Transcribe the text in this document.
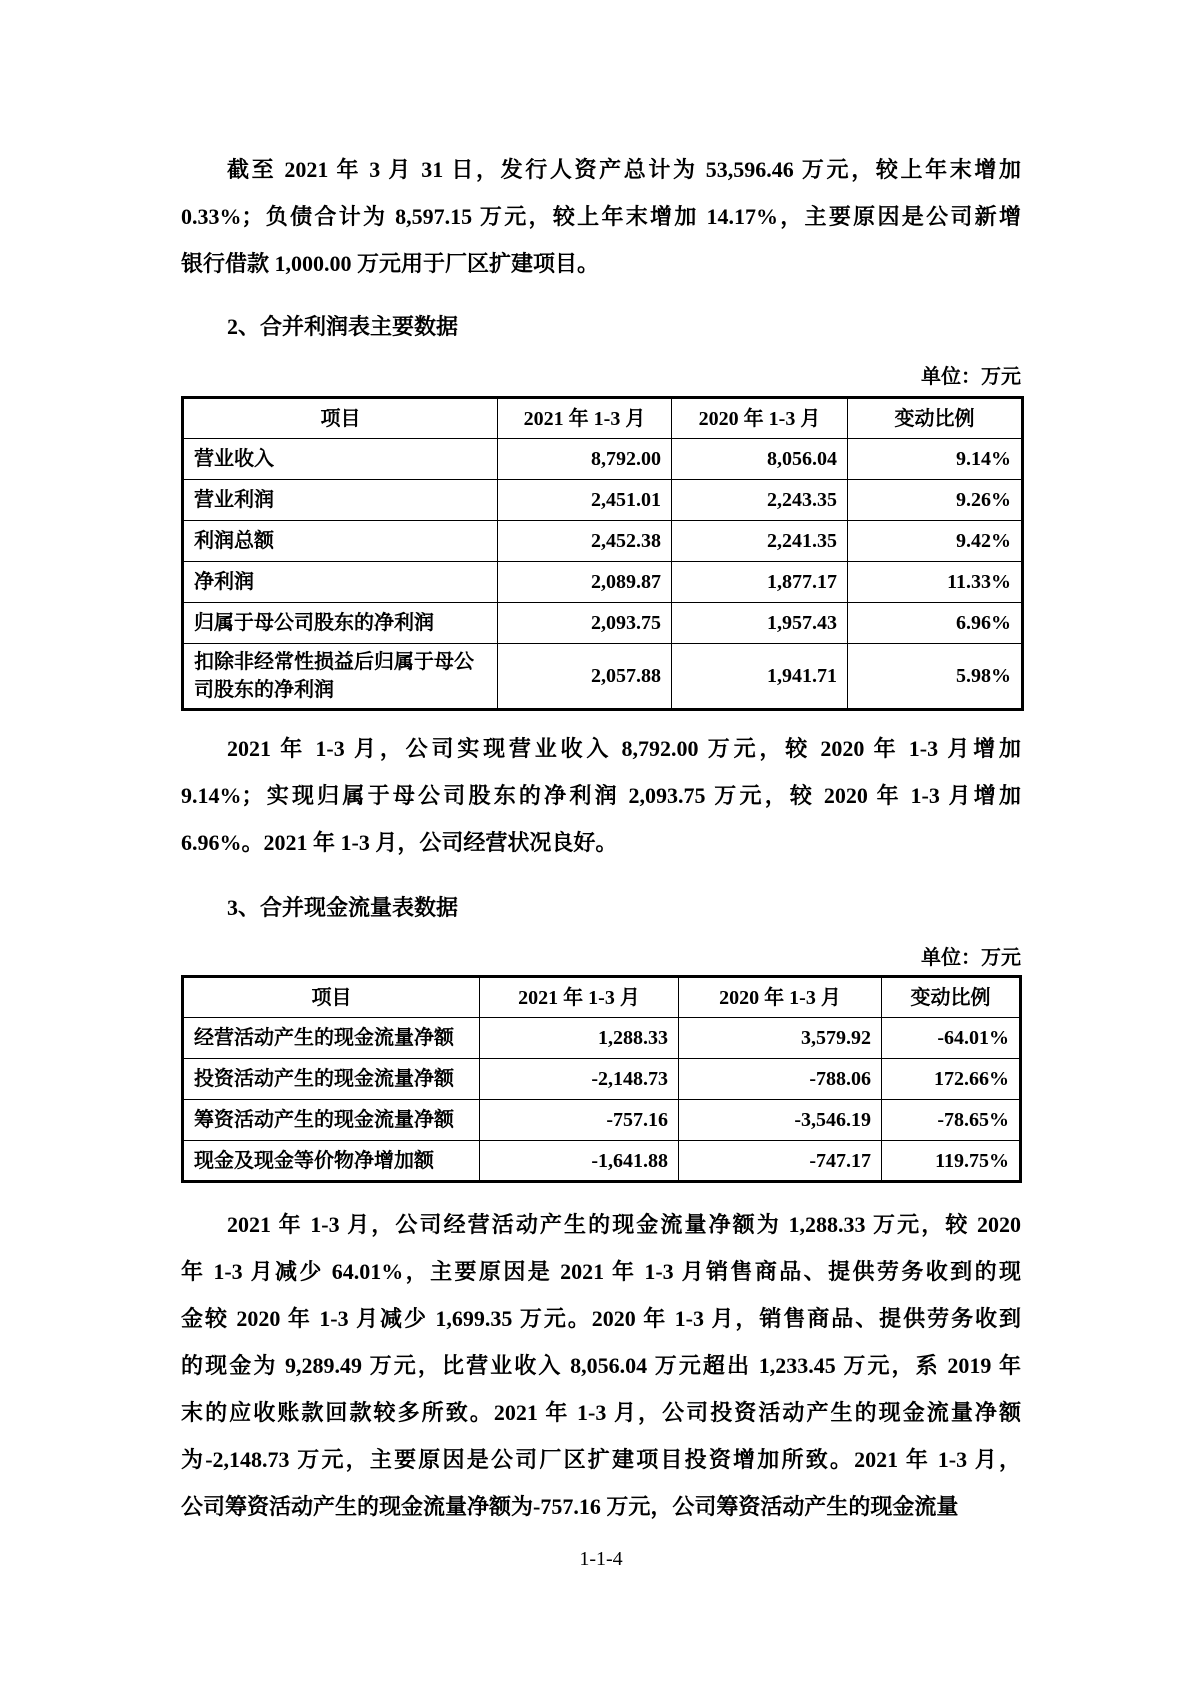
截至 2021 年 3 月 31 日，发行人资产总计为 53,596.46 万元，较上年末增加
0.33%；负债合计为 8,597.15 万元，较上年末增加 14.17%，主要原因是公司新增
银行借款 1,000.00 万元用于厂区扩建项目。
2、合并利润表主要数据
单位：万元
项目	2021 年 1-3 月	2020 年 1-3 月	变动比例
营业收入	8,792.00	8,056.04	9.14%
营业利润	2,451.01	2,243.35	9.26%
利润总额	2,452.38	2,241.35	9.42%
净利润	2,089.87	1,877.17	11.33%
归属于母公司股东的净利润	2,093.75	1,957.43	6.96%
扣除非经常性损益后归属于母公司股东的净利润	2,057.88	1,941.71	5.98%
2021 年 1-3 月，公司实现营业收入 8,792.00 万元，较 2020 年 1-3 月增加
9.14%；实现归属于母公司股东的净利润 2,093.75 万元，较 2020 年 1-3 月增加
6.96%。2021 年 1-3 月，公司经营状况良好。
3、合并现金流量表数据
单位：万元
项目	2021 年 1-3 月	2020 年 1-3 月	变动比例
经营活动产生的现金流量净额	1,288.33	3,579.92	-64.01%
投资活动产生的现金流量净额	-2,148.73	-788.06	172.66%
筹资活动产生的现金流量净额	-757.16	-3,546.19	-78.65%
现金及现金等价物净增加额	-1,641.88	-747.17	119.75%
2021 年 1-3 月，公司经营活动产生的现金流量净额为 1,288.33 万元，较 2020
年 1-3 月减少 64.01%，主要原因是 2021 年 1-3 月销售商品、提供劳务收到的现
金较 2020 年 1-3 月减少 1,699.35 万元。2020 年 1-3 月，销售商品、提供劳务收到
的现金为 9,289.49 万元，比营业收入 8,056.04 万元超出 1,233.45 万元，系 2019 年
末的应收账款回款较多所致。2021 年 1-3 月，公司投资活动产生的现金流量净额
为-2,148.73 万元，主要原因是公司厂区扩建项目投资增加所致。2021 年 1-3 月，
公司筹资活动产生的现金流量净额为-757.16 万元，公司筹资活动产生的现金流量
1-1-4
